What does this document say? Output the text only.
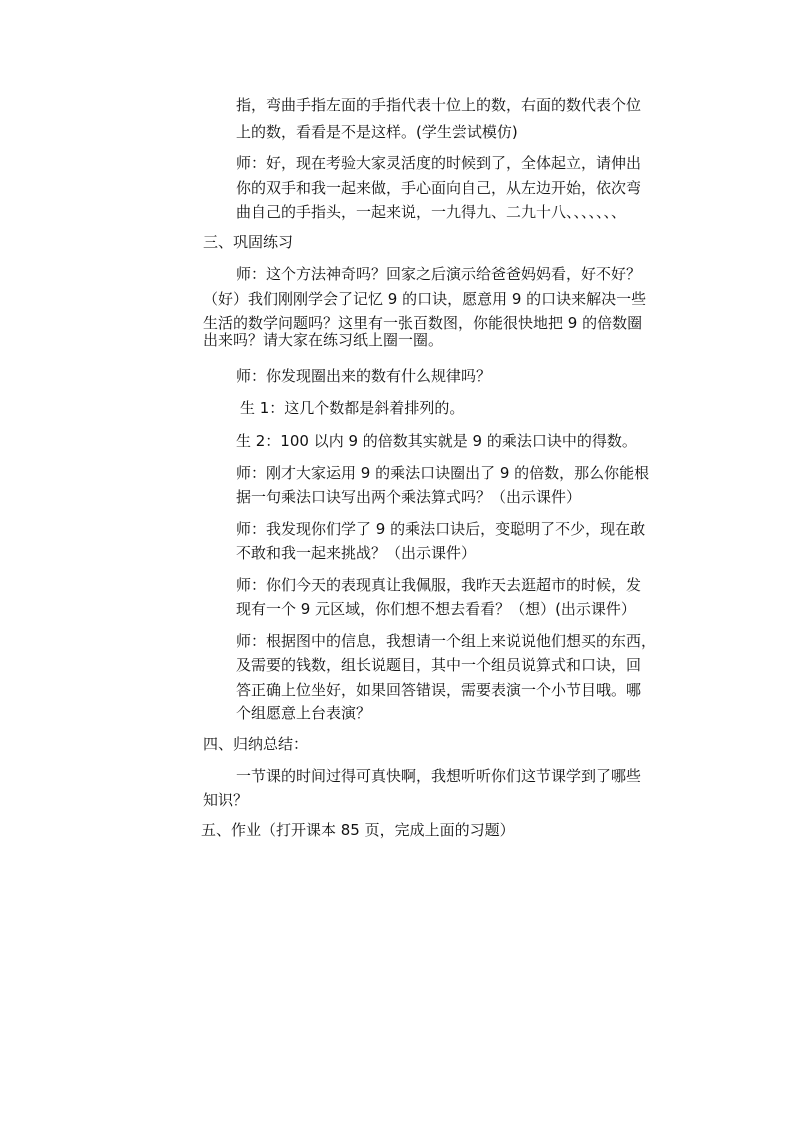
指，弯曲手指左面的手指代表十位上的数，右面的数代表个位
上的数，看看是不是这样。(学生尝试模仿)
师：好，现在考验大家灵活度的时候到了，全体起立，请伸出
你的双手和我一起来做，手心面向自己，从左边开始，依次弯
曲自己的手指头，一起来说，一九得九、二九十八、、、、、、、
三、巩固练习
师：这个方法神奇吗？回家之后演示给爸爸妈妈看，好不好？
（好）我们刚刚学会了记忆 9 的口诀，愿意用 9 的口诀来解决一些
生活的数学问题吗？这里有一张百数图，你能很快地把 9 的倍数圈
出来吗？请大家在练习纸上圈一圈。
师：你发现圈出来的数有什么规律吗？
生 1：这几个数都是斜着排列的。
生 2：100 以内 9 的倍数其实就是 9 的乘法口诀中的得数。
师：刚才大家运用 9 的乘法口诀圈出了 9 的倍数，那么你能根
据一句乘法口诀写出两个乘法算式吗？（出示课件）
师：我发现你们学了 9 的乘法口诀后，变聪明了不少，现在敢
不敢和我一起来挑战？（出示课件）
师：你们今天的表现真让我佩服，我昨天去逛超市的时候，发
现有一个 9 元区域，你们想不想去看看？（想）(出示课件）
师：根据图中的信息，我想请一个组上来说说他们想买的东西，
及需要的钱数，组长说题目，其中一个组员说算式和口诀，回
答正确上位坐好，如果回答错误，需要表演一个小节目哦。哪
个组愿意上台表演？
四、归纳总结：
一节课的时间过得可真快啊，我想听听你们这节课学到了哪些
知识？
五、作业（打开课本 85 页，完成上面的习题）
